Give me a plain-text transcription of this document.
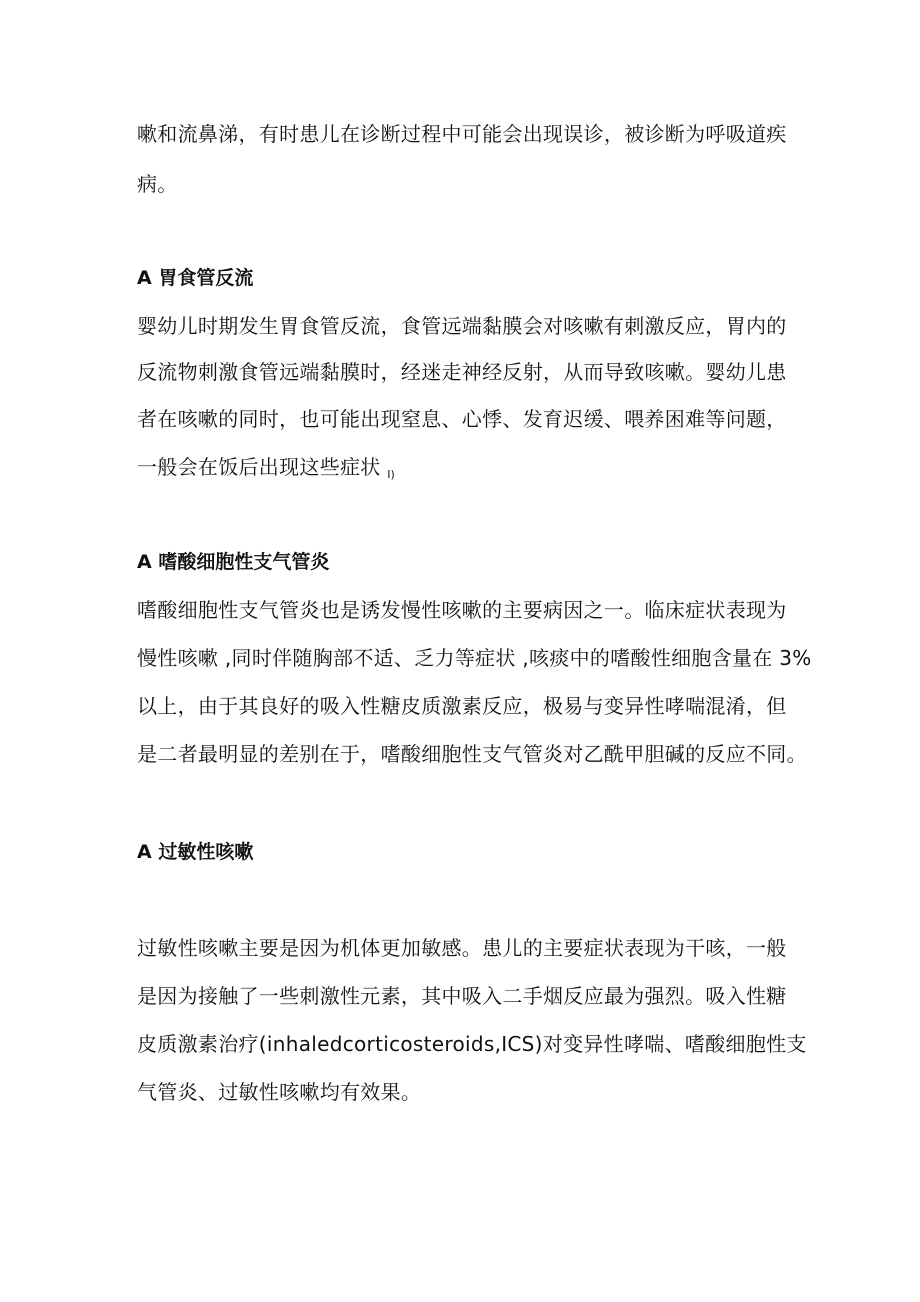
嗽和流鼻涕，有时患儿在诊断过程中可能会出现误诊，被诊断为呼吸道疾
病。
A 胃食管反流
婴幼儿时期发生胃食管反流，食管远端黏膜会对咳嗽有刺激反应，胃内的
反流物刺激食管远端黏膜时，经迷走神经反射，从而导致咳嗽。婴幼儿患
者在咳嗽的同时，也可能出现窒息、心悸、发育迟缓、喂养困难等问题，
一般会在饭后出现这些症状 $_{I)}$
A 嗜酸细胞性支气管炎
嗜酸细胞性支气管炎也是诱发慢性咳嗽的主要病因之一。临床症状表现为
慢性咳嗽 ,同时伴随胸部不适、乏力等症状 ,咳痰中的嗜酸性细胞含量在 3%
以上，由于其良好的吸入性糖皮质激素反应，极易与变异性哮喘混淆，但
是二者最明显的差别在于，嗜酸细胞性支气管炎对乙酰甲胆碱的反应不同。
A 过敏性咳嗽
过敏性咳嗽主要是因为机体更加敏感。患儿的主要症状表现为干咳，一般
是因为接触了一些刺激性元素，其中吸入二手烟反应最为强烈。吸入性糖
皮质激素治疗(inhaledcorticosteroids,ICS)对变异性哮喘、嗜酸细胞性支
气管炎、过敏性咳嗽均有效果。
